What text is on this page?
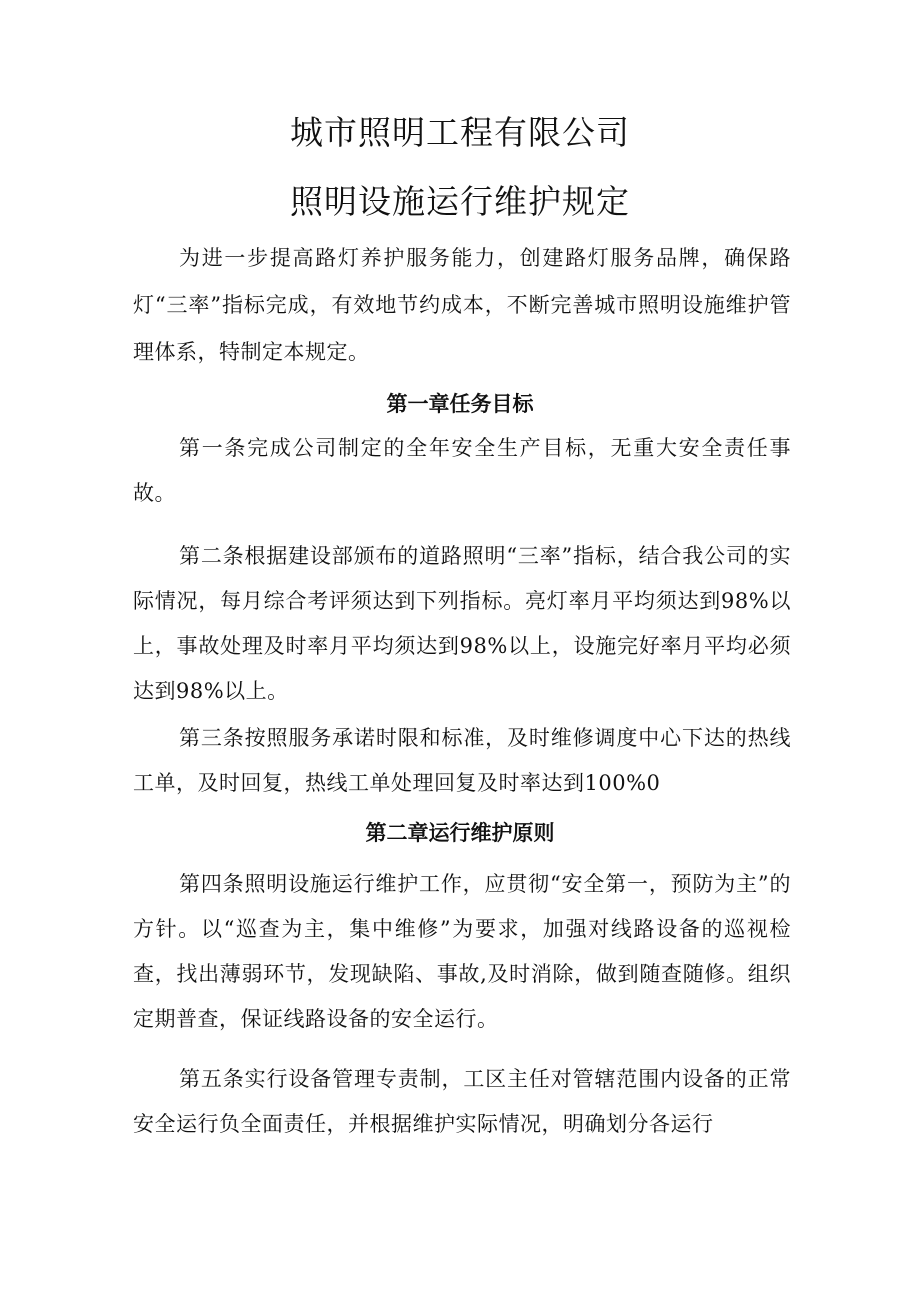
城市照明工程有限公司
照明设施运行维护规定

为进一步提高路灯养护服务能力，创建路灯服务品牌，确保路灯“三率”指标完成，有效地节约成本，不断完善城市照明设施维护管理体系，特制定本规定。

第一章任务目标

第一条完成公司制定的全年安全生产目标，无重大安全责任事故。

第二条根据建设部颁布的道路照明“三率”指标，结合我公司的实际情况，每月综合考评须达到下列指标。亮灯率月平均须达到98%以上，事故处理及时率月平均须达到98%以上，设施完好率月平均必须达到98%以上。

第三条按照服务承诺时限和标准，及时维修调度中心下达的热线工单，及时回复，热线工单处理回复及时率达到100%0

第二章运行维护原则

第四条照明设施运行维护工作，应贯彻“安全第一，预防为主”的方针。以“巡查为主，集中维修”为要求，加强对线路设备的巡视检查，找出薄弱环节，发现缺陷、事故,及时消除，做到随查随修。组织定期普查，保证线路设备的安全运行。

第五条实行设备管理专责制，工区主任对管辖范围内设备的正常安全运行负全面责任，并根据维护实际情况，明确划分各运行
